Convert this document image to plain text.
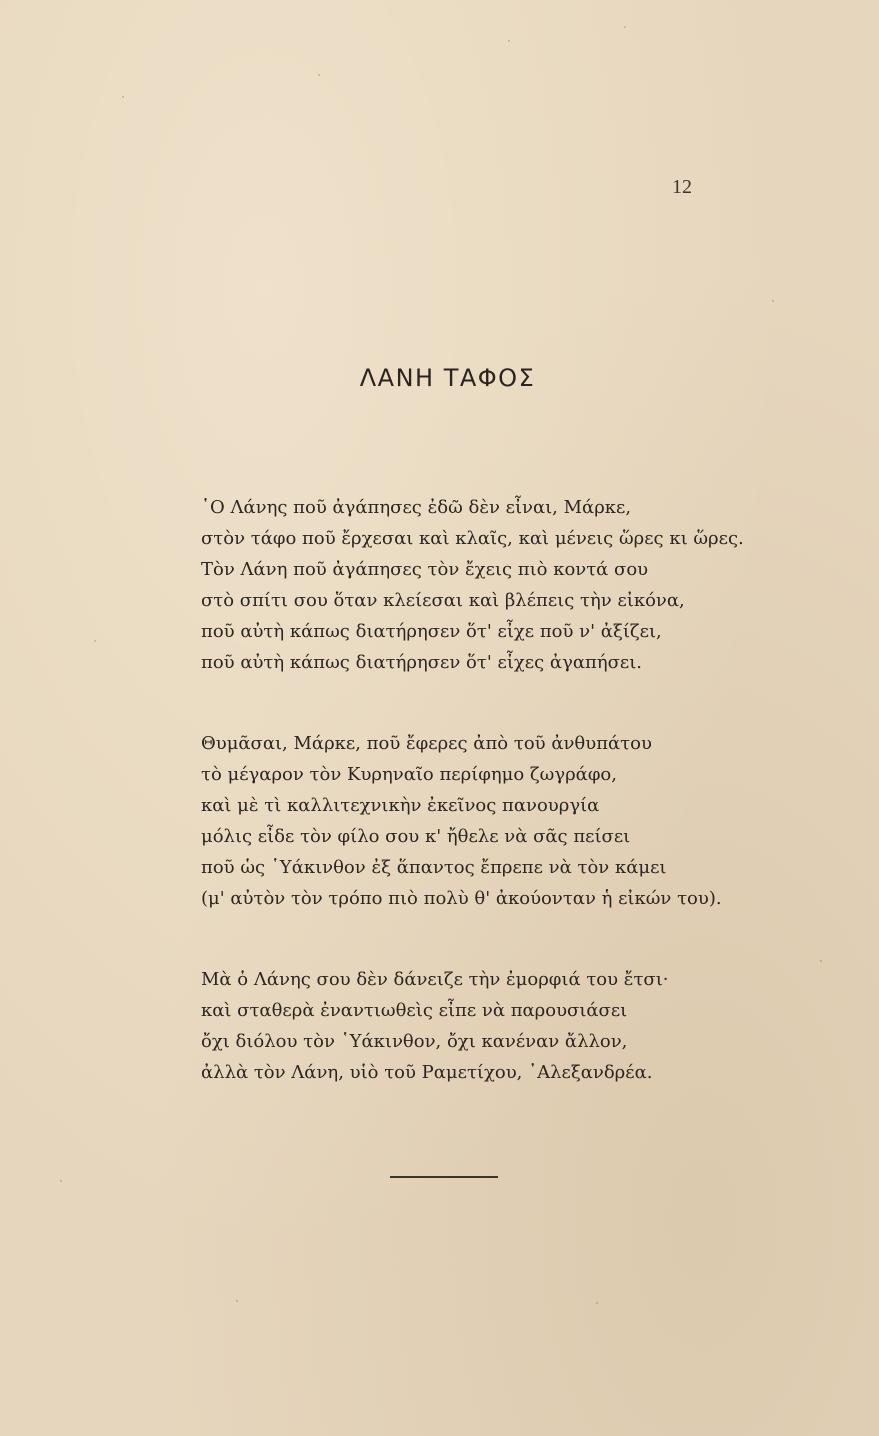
12
ΛΑΝΗ ΤΑΦΟΣ
῾Ο Λάνης ποῦ ἀγάπησες ἐδῶ δὲν εἶναι, Μάρκε,
στὸν τάφο ποῦ ἔρχεσαι καὶ κλαῖς, καὶ μένεις ὥρες κι ὥρες.
Τὸν Λάνη ποῦ ἀγάπησες τὸν ἔχεις πιὸ κοντά σου
στὸ σπίτι σου ὅταν κλείεσαι καὶ βλέπεις τὴν εἰκόνα,
ποῦ αὐτὴ κάπως διατήρησεν ὅτ' εἶχε ποῦ ν' ἀξίζει,
ποῦ αὐτὴ κάπως διατήρησεν ὅτ' εἶχες ἀγαπήσει.
Θυμᾶσαι, Μάρκε, ποῦ ἔφερες ἀπὸ τοῦ ἀνθυπάτου
τὸ μέγαρον τὸν Κυρηναῖο περίφημο ζωγράφο,
καὶ μὲ τὶ καλλιτεχνικὴν ἐκεῖνος πανουργία
μόλις εἶδε τὸν φίλο σου κ' ἤθελε νὰ σᾶς πείσει
ποῦ ὡς ῾Υάκινθον ἐξ ἅπαντος ἔπρεπε νὰ τὸν κάμει
(μ' αὐτὸν τὸν τρόπο πιὸ πολὺ θ' ἀκούονταν ἡ εἰκών του).
Μὰ ὁ Λάνης σου δὲν δάνειζε τὴν ἐμορφιά του ἔτσι·
καὶ σταθερὰ ἐναντιωθεὶς εἶπε νὰ παρουσιάσει
ὄχι διόλου τὸν ῾Υάκινθον, ὄχι κανέναν ἄλλον,
ἀλλὰ τὸν Λάνη, υἱὸ τοῦ Ραμετίχου, ᾿Αλεξανδρέα.
